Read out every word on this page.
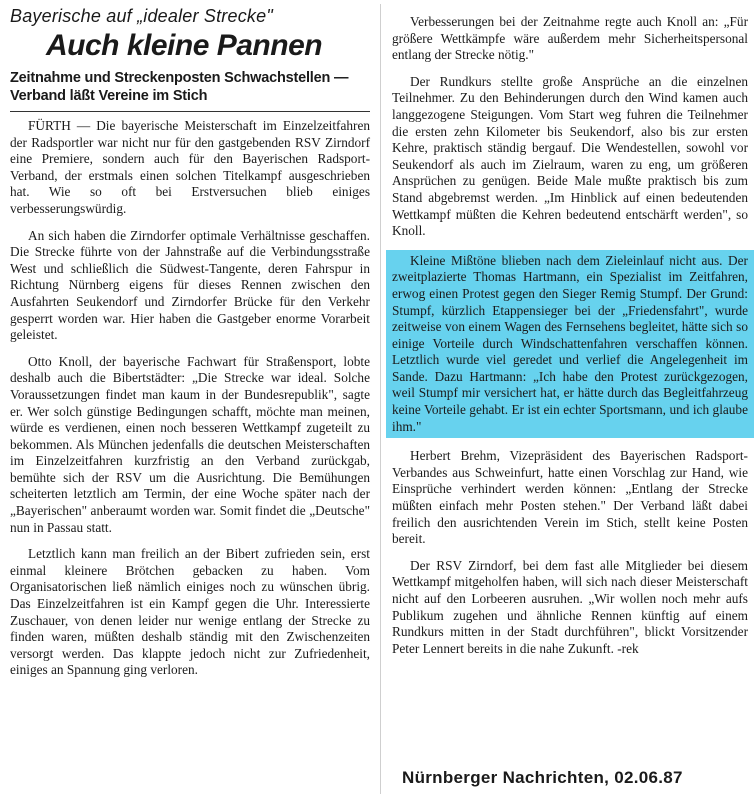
Bayerische auf „idealer Strecke"
Auch kleine Pannen
Zeitnahme und Streckenposten Schwachstellen — Verband läßt Vereine im Stich

FÜRTH — Die bayerische Meisterschaft im Einzelzeitfahren der Radsportler war nicht nur für den gastgebenden RSV Zirndorf eine Premiere, sondern auch für den Bayerischen Radsport-Verband, der erstmals einen solchen Titelkampf ausgeschrieben hat. Wie so oft bei Erstversuchen blieb einiges verbesserungswürdig.

An sich haben die Zirndorfer optimale Verhältnisse geschaffen. Die Strecke führte von der Jahnstraße auf die Verbindungsstraße West und schließlich die Südwest-Tangente, deren Fahrspur in Richtung Nürnberg eigens für dieses Rennen zwischen den Ausfahrten Seukendorf und Zirndorfer Brücke für den Verkehr gesperrt worden war. Hier haben die Gastgeber enorme Vorarbeit geleistet.

Otto Knoll, der bayerische Fachwart für Straßensport, lobte deshalb auch die Bibertstädter: „Die Strecke war ideal. Solche Voraussetzungen findet man kaum in der Bundesrepublik", sagte er. Wer solch günstige Bedingungen schafft, möchte man meinen, würde es verdienen, einen noch besseren Wettkampf zugeteilt zu bekommen. Als München jedenfalls die deutschen Meisterschaften im Einzelzeitfahren kurzfristig an den Verband zurückgab, bemühte sich der RSV um die Ausrichtung. Die Bemühungen scheiterten letztlich am Termin, der eine Woche später nach der „Bayerischen" anberaumt worden war. Somit findet die „Deutsche" nun in Passau statt.

Letztlich kann man freilich an der Bibert zufrieden sein, erst einmal kleinere Brötchen gebacken zu haben. Vom Organisatorischen ließ nämlich einiges noch zu wünschen übrig. Das Einzelzeitfahren ist ein Kampf gegen die Uhr. Interessierte Zuschauer, von denen leider nur wenige entlang der Strecke zu finden waren, müßten deshalb ständig mit den Zwischenzeiten versorgt werden. Das klappte jedoch nicht zur Zufriedenheit, einiges an Spannung ging verloren.

Verbesserungen bei der Zeitnahme regte auch Knoll an: „Für größere Wettkämpfe wäre außerdem mehr Sicherheitspersonal entlang der Strecke nötig."

Der Rundkurs stellte große Ansprüche an die einzelnen Teilnehmer. Zu den Behinderungen durch den Wind kamen auch langgezogene Steigungen. Vom Start weg fuhren die Teilnehmer die ersten zehn Kilometer bis Seukendorf, also bis zur ersten Kehre, praktisch ständig bergauf. Die Wendestellen, sowohl vor Seukendorf als auch im Zielraum, waren zu eng, um größeren Ansprüchen zu genügen. Beide Male mußte praktisch bis zum Stand abgebremst werden. „Im Hinblick auf einen bedeutenden Wettkampf müßten die Kehren bedeutend entschärft werden", so Knoll.

Kleine Mißtöne blieben nach dem Zieleinlauf nicht aus. Der zweitplazierte Thomas Hartmann, ein Spezialist im Zeitfahren, erwog einen Protest gegen den Sieger Remig Stumpf. Der Grund: Stumpf, kürzlich Etappensieger bei der „Friedensfahrt", wurde zeitweise von einem Wagen des Fernsehens begleitet, hätte sich so einige Vorteile durch Windschattenfahren verschaffen können. Letztlich wurde viel geredet und verlief die Angelegenheit im Sande. Dazu Hartmann: „Ich habe den Protest zurückgezogen, weil Stumpf mir versichert hat, er hätte durch das Begleitfahrzeug keine Vorteile gehabt. Er ist ein echter Sportsmann, und ich glaube ihm."

Herbert Brehm, Vizepräsident des Bayerischen Radsport-Verbandes aus Schweinfurt, hatte einen Vorschlag zur Hand, wie Einsprüche verhindert werden können: „Entlang der Strecke müßten einfach mehr Posten stehen." Der Verband läßt dabei freilich den ausrichtenden Verein im Stich, stellt keine Posten bereit.

Der RSV Zirndorf, bei dem fast alle Mitglieder bei diesem Wettkampf mitgeholfen haben, will sich nach dieser Meisterschaft nicht auf den Lorbeeren ausruhen. „Wir wollen noch mehr aufs Publikum zugehen und ähnliche Rennen künftig auf einem Rundkurs mitten in der Stadt durchführen", blickt Vorsitzender Peter Lennert bereits in die nahe Zukunft. -rek

Nürnberger Nachrichten, 02.06.87
